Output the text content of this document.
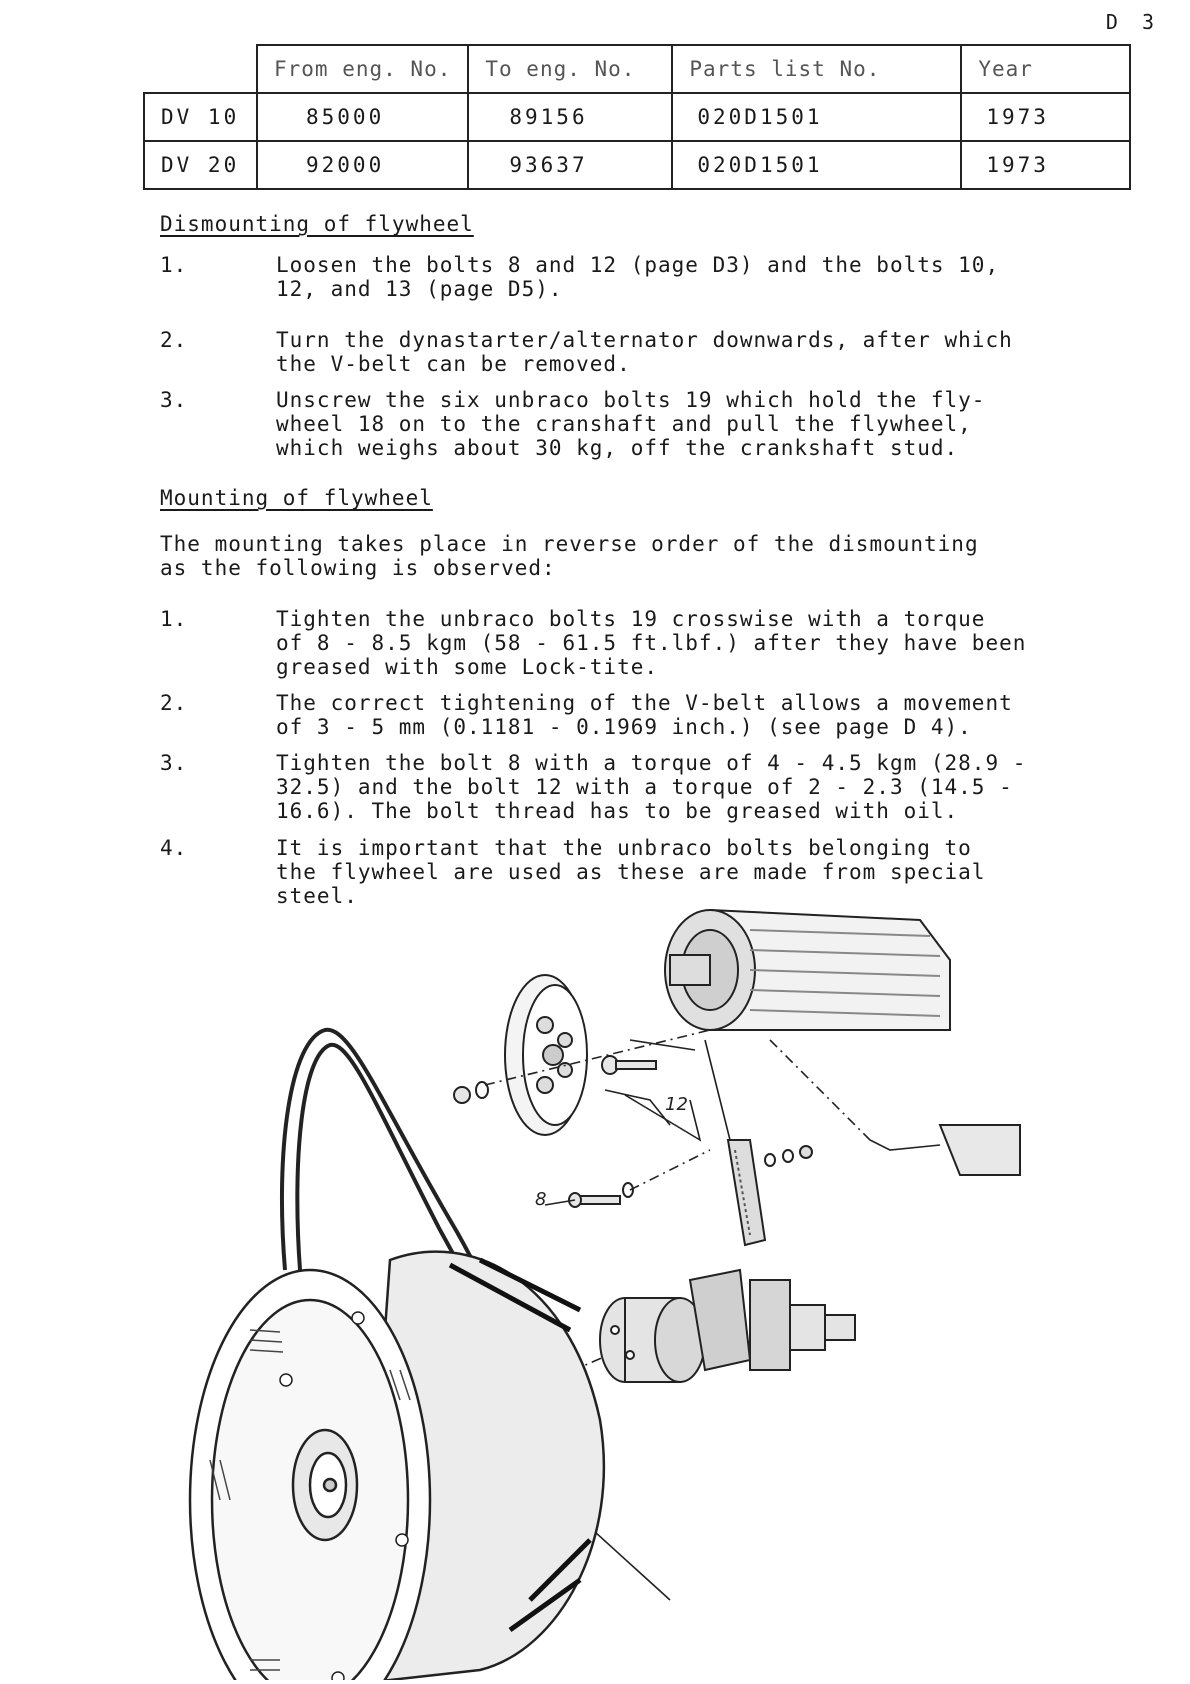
D 3
	From eng. No.	To eng. No.	Parts list No.	Year
DV 10	85000	89156	020D1501	1973
DV 20	92000	93637	020D1501	1973
Dismounting of flywheel
1.	Loosen the bolts 8 and 12 (page D3) and the bolts 10,
12, and 13 (page D5).
2.	Turn the dynastarter/alternator downwards, after which
the V-belt can be removed.
3.	Unscrew the six unbraco bolts 19 which hold the fly-
wheel 18 on to the cranshaft and pull the flywheel,
which weighs about 30 kg, off the crankshaft stud.
Mounting of flywheel
The mounting takes place in reverse order of the dismounting
as the following is observed:
1.	Tighten the unbraco bolts 19 crosswise with a torque
of 8 - 8.5 kgm (58 - 61.5 ft.lbf.) after they have been
greased with some Lock-tite.
2.	The correct tightening of the V-belt allows a movement
of 3 - 5 mm (0.1181 - 0.1969 inch.) (see page D 4).
3.	Tighten the bolt 8 with a torque of 4 - 4.5 kgm (28.9 -
32.5) and the bolt 12 with a torque of 2 - 2.3 (14.5 -
16.6). The bolt thread has to be greased with oil.
4.	It is important that the unbraco bolts belonging to
the flywheel are used as these are made from special
steel.
12
8
